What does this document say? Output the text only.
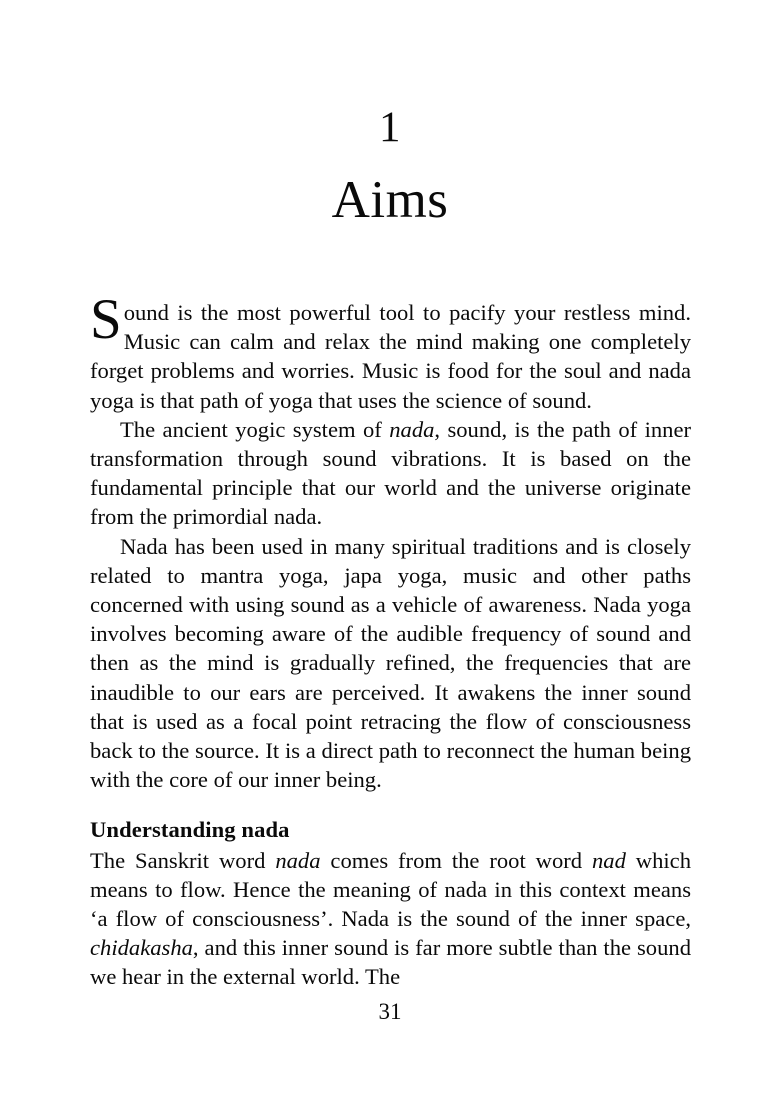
1
Aims

Sound is the most powerful tool to pacify your restless mind. Music can calm and relax the mind making one completely forget problems and worries. Music is food for the soul and nada yoga is that path of yoga that uses the science of sound.

The ancient yogic system of nada, sound, is the path of inner transformation through sound vibrations. It is based on the fundamental principle that our world and the universe originate from the primordial nada.

Nada has been used in many spiritual traditions and is closely related to mantra yoga, japa yoga, music and other paths concerned with using sound as a vehicle of awareness. Nada yoga involves becoming aware of the audible frequency of sound and then as the mind is gradually refined, the frequencies that are inaudible to our ears are perceived. It awakens the inner sound that is used as a focal point retracing the flow of consciousness back to the source. It is a direct path to reconnect the human being with the core of our inner being.

Understanding nada

The Sanskrit word nada comes from the root word nad which means to flow. Hence the meaning of nada in this context means ‘a flow of consciousness’. Nada is the sound of the inner space, chidakasha, and this inner sound is far more subtle than the sound we hear in the external world. The

31
